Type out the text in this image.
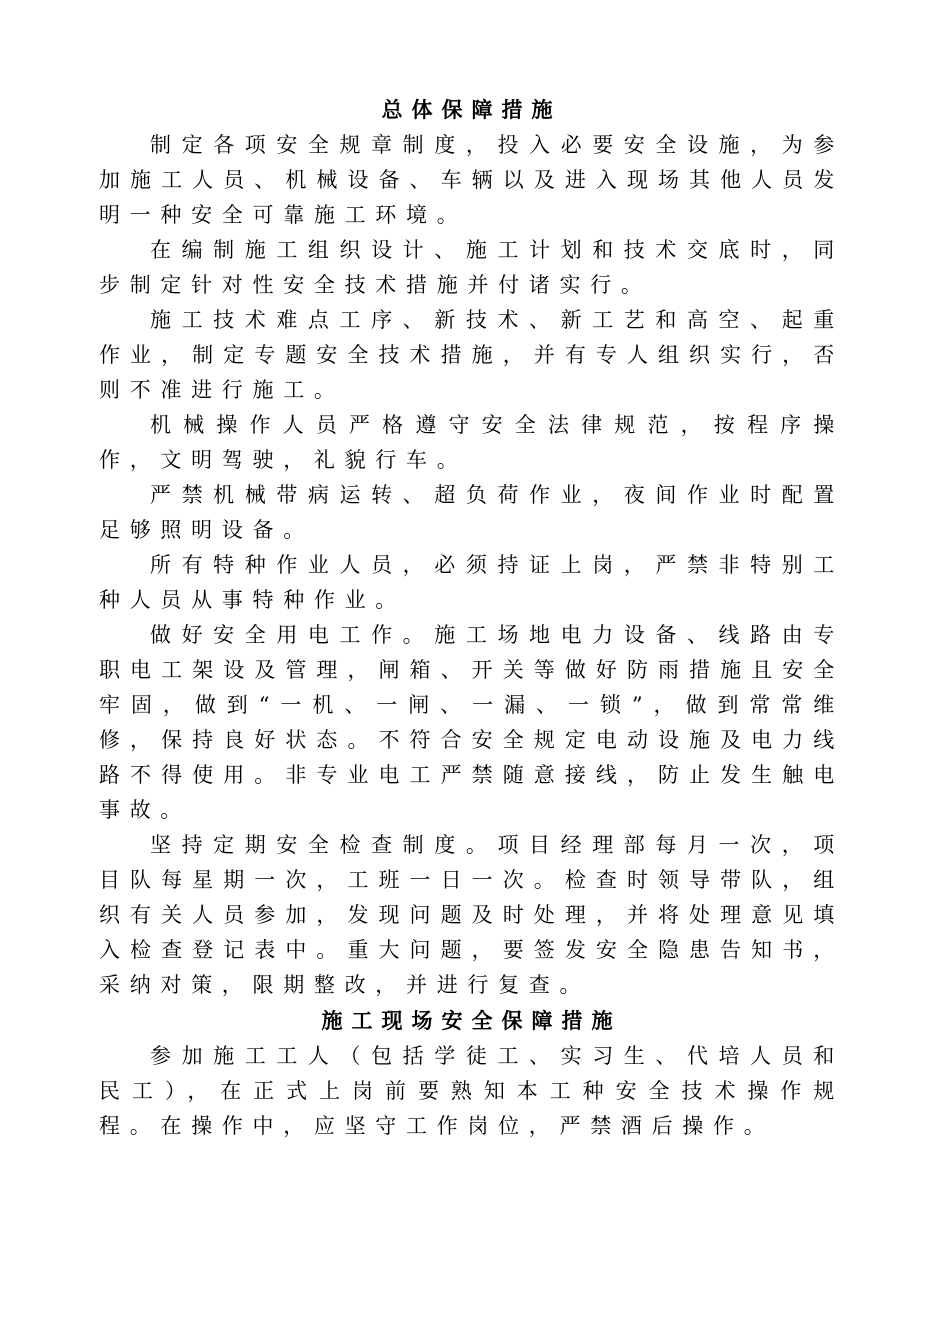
总体保障措施

制定各项安全规章制度，投入必要安全设施，为参加施工人员、机械设备、车辆以及进入现场其他人员发明一种安全可靠施工环境。

在编制施工组织设计、施工计划和技术交底时，同步制定针对性安全技术措施并付诸实行。

施工技术难点工序、新技术、新工艺和高空、起重作业，制定专题安全技术措施，并有专人组织实行，否则不准进行施工。

机械操作人员严格遵守安全法律规范，按程序操作，文明驾驶，礼貌行车。

严禁机械带病运转、超负荷作业，夜间作业时配置足够照明设备。

所有特种作业人员，必须持证上岗，严禁非特别工种人员从事特种作业。

做好安全用电工作。施工场地电力设备、线路由专职电工架设及管理，闸箱、开关等做好防雨措施且安全牢固，做到“一机、一闸、一漏、一锁”，做到常常维修，保持良好状态。不符合安全规定电动设施及电力线路不得使用。非专业电工严禁随意接线，防止发生触电事故。

坚持定期安全检查制度。项目经理部每月一次，项目队每星期一次，工班一日一次。检查时领导带队，组织有关人员参加，发现问题及时处理，并将处理意见填入检查登记表中。重大问题，要签发安全隐患告知书，采纳对策，限期整改，并进行复查。

施工现场安全保障措施

参加施工工人（包括学徒工、实习生、代培人员和民工），在正式上岗前要熟知本工种安全技术操作规程。在操作中，应坚守工作岗位，严禁酒后操作。
